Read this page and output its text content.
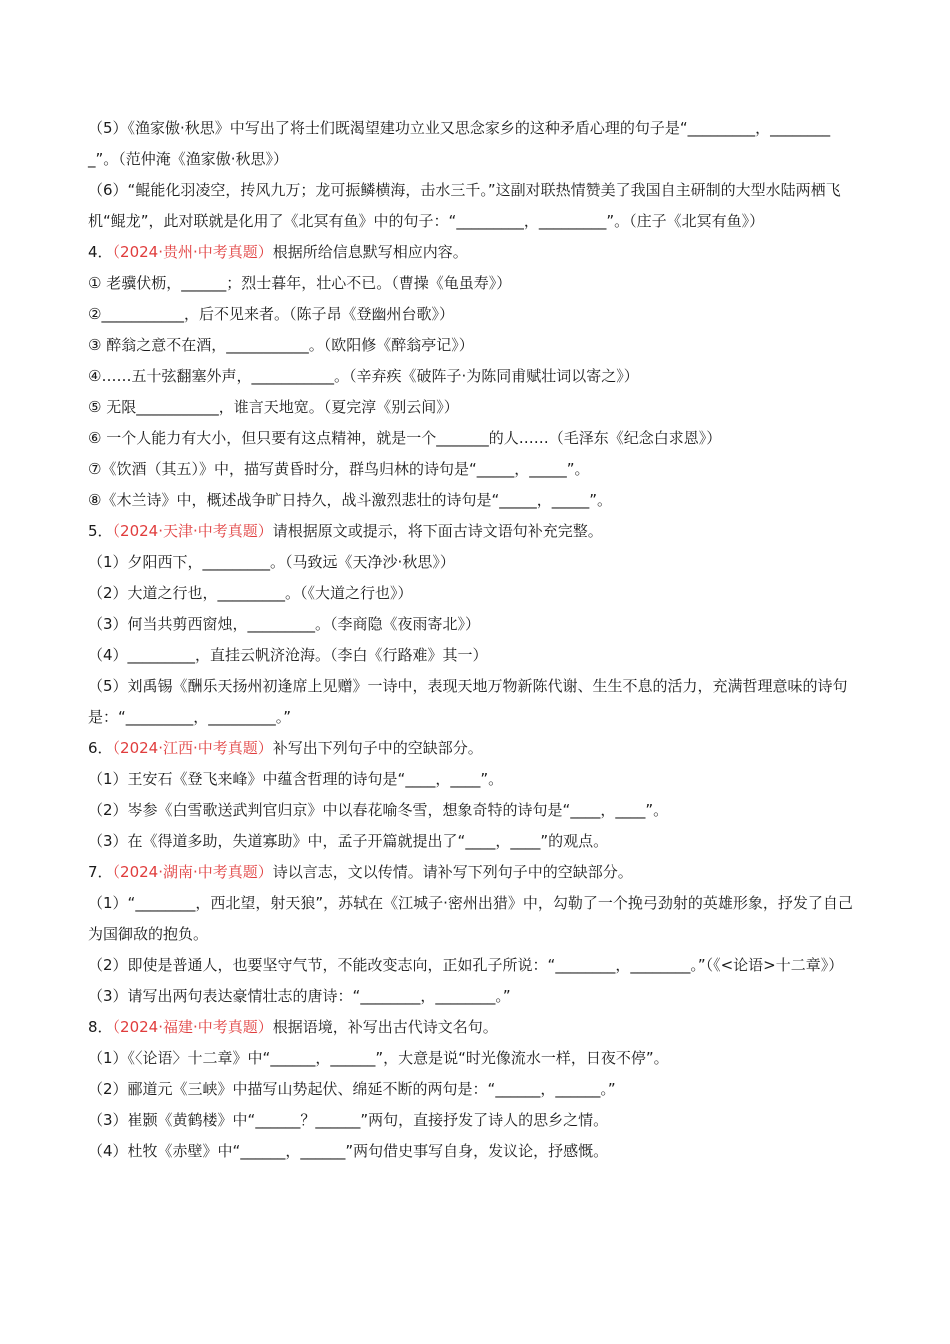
（5）《渔家傲·秋思》中写出了将士们既渴望建功立业又思念家乡的这种矛盾心理的句子是“_________，_________”。（范仲淹《渔家傲·秋思》）
（6）“鲲能化羽凌空，抟风九万；龙可振鳞横海，击水三千。”这副对联热情赞美了我国自主研制的大型水陆两栖飞机“鲲龙”，此对联就是化用了《北冥有鱼》中的句子：“_________，_________”。（庄子《北冥有鱼》）
4．（2024·贵州·中考真题）根据所给信息默写相应内容。
① 老骥伏枥，______；烈士暮年，壮心不已。（曹操《龟虽寿》）
②___________，后不见来者。（陈子昂《登幽州台歌》）
③ 醉翁之意不在酒，___________。（欧阳修《醉翁亭记》）
④……五十弦翻塞外声，___________。（辛弃疾《破阵子·为陈同甫赋壮词以寄之》）
⑤ 无限___________，谁言天地宽。（夏完淳《别云间》）
⑥ 一个人能力有大小，但只要有这点精神，就是一个_______的人……（毛泽东《纪念白求恩》）
⑦《饮酒（其五）》中，描写黄昏时分，群鸟归林的诗句是“_____，_____”。
⑧《木兰诗》中，概述战争旷日持久，战斗激烈悲壮的诗句是“_____，_____”。
5．（2024·天津·中考真题）请根据原文或提示，将下面古诗文语句补充完整。
（1）夕阳西下，_________。（马致远《天净沙·秋思》）
（2）大道之行也，_________。（《大道之行也》）
（3）何当共剪西窗烛，_________。（李商隐《夜雨寄北》）
（4）_________，直挂云帆济沧海。（李白《行路难》其一）
（5）刘禹锡《酬乐天扬州初逢席上见赠》一诗中，表现天地万物新陈代谢、生生不息的活力，充满哲理意味的诗句是：“_________，_________。”
6．（2024·江西·中考真题）补写出下列句子中的空缺部分。
（1）王安石《登飞来峰》中蕴含哲理的诗句是“____，____”。
（2）岑参《白雪歌送武判官归京》中以春花喻冬雪，想象奇特的诗句是“____，____”。
（3）在《得道多助，失道寡助》中，孟子开篇就提出了“____，____”的观点。
7．（2024·湖南·中考真题）诗以言志，文以传情。请补写下列句子中的空缺部分。
（1）“________，西北望，射天狼”，苏轼在《江城子·密州出猎》中，勾勒了一个挽弓劲射的英雄形象，抒发了自己为国御敌的抱负。
（2）即使是普通人，也要坚守气节，不能改变志向，正如孔子所说：“________，________。”（《<论语>十二章》）
（3）请写出两句表达豪情壮志的唐诗：“________，________。”
8．（2024·福建·中考真题）根据语境，补写出古代诗文名句。
（1）《〈论语〉十二章》中“______，______”，大意是说“时光像流水一样，日夜不停”。
（2）郦道元《三峡》中描写山势起伏、绵延不断的两句是：“______，______。”
（3）崔颢《黄鹤楼》中“______？______”两句，直接抒发了诗人的思乡之情。
（4）杜牧《赤壁》中“______，______”两句借史事写自身，发议论，抒感慨。
